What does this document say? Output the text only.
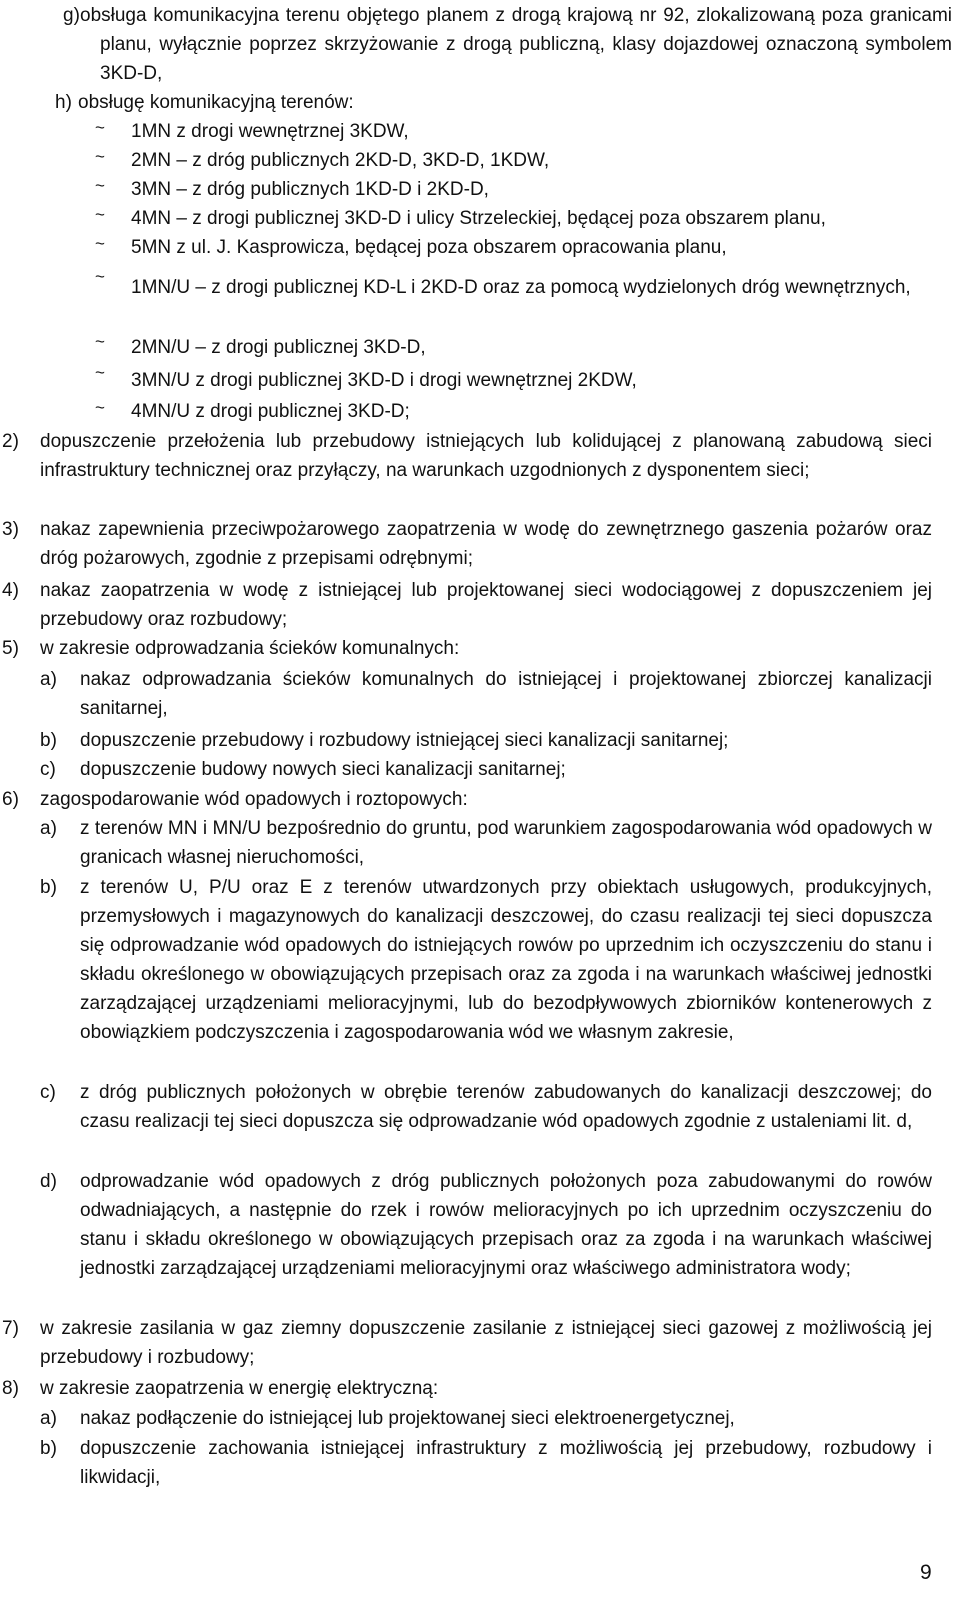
g) obsługa komunikacyjna terenu objętego planem z drogą krajową nr 92, zlokalizowaną poza granicami planu, wyłącznie poprzez skrzyżowanie z drogą publiczną, klasy dojazdowej oznaczoną symbolem 3KD-D,

h) obsługę komunikacyjną terenów:

~ 1MN z drogi wewnętrznej 3KDW,

~ 2MN – z dróg publicznych 2KD-D, 3KD-D, 1KDW,

~ 3MN – z dróg publicznych 1KD-D i 2KD-D,

~ 4MN – z drogi publicznej 3KD-D i ulicy Strzeleckiej, będącej poza obszarem planu,

~ 5MN z ul. J. Kasprowicza, będącej poza obszarem opracowania planu,

~

1MN/U – z drogi publicznej KD-L i 2KD-D oraz za pomocą wydzielonych dróg wewnętrznych,

~ 2MN/U – z drogi publicznej 3KD-D,

~ 3MN/U z drogi publicznej 3KD-D i drogi wewnętrznej 2KDW,

~ 4MN/U z drogi publicznej 3KD-D;

2) dopuszczenie przełożenia lub przebudowy istniejących lub kolidującej z planowaną zabudową sieci infrastruktury technicznej oraz przyłączy, na warunkach uzgodnionych z dysponentem sieci;

3) nakaz zapewnienia przeciwpożarowego zaopatrzenia w wodę do zewnętrznego gaszenia pożarów oraz dróg pożarowych, zgodnie z przepisami odrębnymi;

4) nakaz zaopatrzenia w wodę z istniejącej lub projektowanej sieci wodociągowej z dopuszczeniem jej przebudowy oraz rozbudowy;

5) w zakresie odprowadzania ścieków komunalnych:

a) nakaz odprowadzania ścieków komunalnych do istniejącej i projektowanej zbiorczej kanalizacji sanitarnej,

b) dopuszczenie przebudowy i rozbudowy istniejącej sieci kanalizacji sanitarnej;

c) dopuszczenie budowy nowych sieci kanalizacji sanitarnej;

6) zagospodarowanie wód opadowych i roztopowych:

a) z terenów MN i MN/U bezpośrednio do gruntu, pod warunkiem zagospodarowania wód opadowych w granicach własnej nieruchomości,

b) z terenów U, P/U oraz E z terenów utwardzonych przy obiektach usługowych, produkcyjnych, przemysłowych i magazynowych do kanalizacji deszczowej, do czasu realizacji tej sieci dopuszcza się odprowadzanie wód opadowych do istniejących rowów po uprzednim ich oczyszczeniu do stanu i składu określonego w obowiązujących przepisach oraz za zgoda i na warunkach właściwej jednostki zarządzającej urządzeniami melioracyjnymi, lub do bezodpływowych zbiorników kontenerowych z obowiązkiem podczyszczenia i zagospodarowania wód we własnym zakresie,

c) z dróg publicznych położonych w obrębie terenów zabudowanych do kanalizacji deszczowej; do czasu realizacji tej sieci dopuszcza się odprowadzanie wód opadowych zgodnie z ustaleniami lit. d,

d) odprowadzanie wód opadowych z dróg publicznych położonych poza zabudowanymi do rowów odwadniających, a następnie do rzek i rowów melioracyjnych po ich uprzednim oczyszczeniu do stanu i składu określonego w obowiązujących przepisach oraz za zgoda i na warunkach właściwej jednostki zarządzającej urządzeniami melioracyjnymi oraz właściwego administratora wody;

7) w zakresie zasilania w gaz ziemny dopuszczenie zasilanie z istniejącej sieci gazowej z możliwością jej przebudowy i rozbudowy;

8) w zakresie zaopatrzenia w energię elektryczną:

a) nakaz podłączenie do istniejącej lub projektowanej sieci elektroenergetycznej,

b) dopuszczenie zachowania istniejącej infrastruktury z możliwością jej przebudowy, rozbudowy i likwidacji,

9
